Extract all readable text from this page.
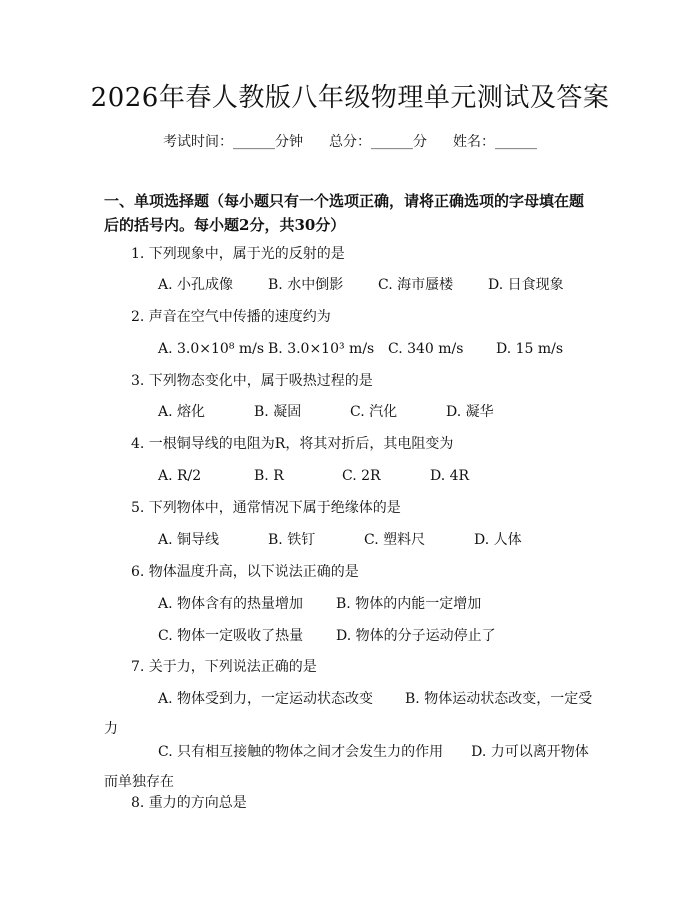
2026年春人教版八年级物理单元测试及答案
考试时间：______分钟 总分：______分 姓名：______
一、单项选择题（每小题只有一个选项正确，请将正确选项的字母填在题后的括号内。每小题2分，共30分）
1. 下列现象中，属于光的反射的是
A. 小孔成像 B. 水中倒影 C. 海市蜃楼 D. 日食现象
2. 声音在空气中传播的速度约为
A. 3.0×10⁸ m/s B. 3.0×10³ m/s C. 340 m/s D. 15 m/s
3. 下列物态变化中，属于吸热过程的是
A. 熔化	B. 凝固	C. 汽化	D. 凝华
4. 一根铜导线的电阻为R，将其对折后，其电阻变为
A. R/2	B. R	C. 2R	D. 4R
5. 下列物体中，通常情况下属于绝缘体的是
A. 铜导线	B. 铁钉	C. 塑料尺	D. 人体
6. 物体温度升高，以下说法正确的是
A. 物体含有的热量增加 B. 物体的内能一定增加
C. 物体一定吸收了热量 D. 物体的分子运动停止了
7. 关于力，下列说法正确的是
A. 物体受到力，一定运动状态改变 B. 物体运动状态改变，一定受力
C. 只有相互接触的物体之间才会发生力的作用 D. 力可以离开物体而单独存在
8. 重力的方向总是
